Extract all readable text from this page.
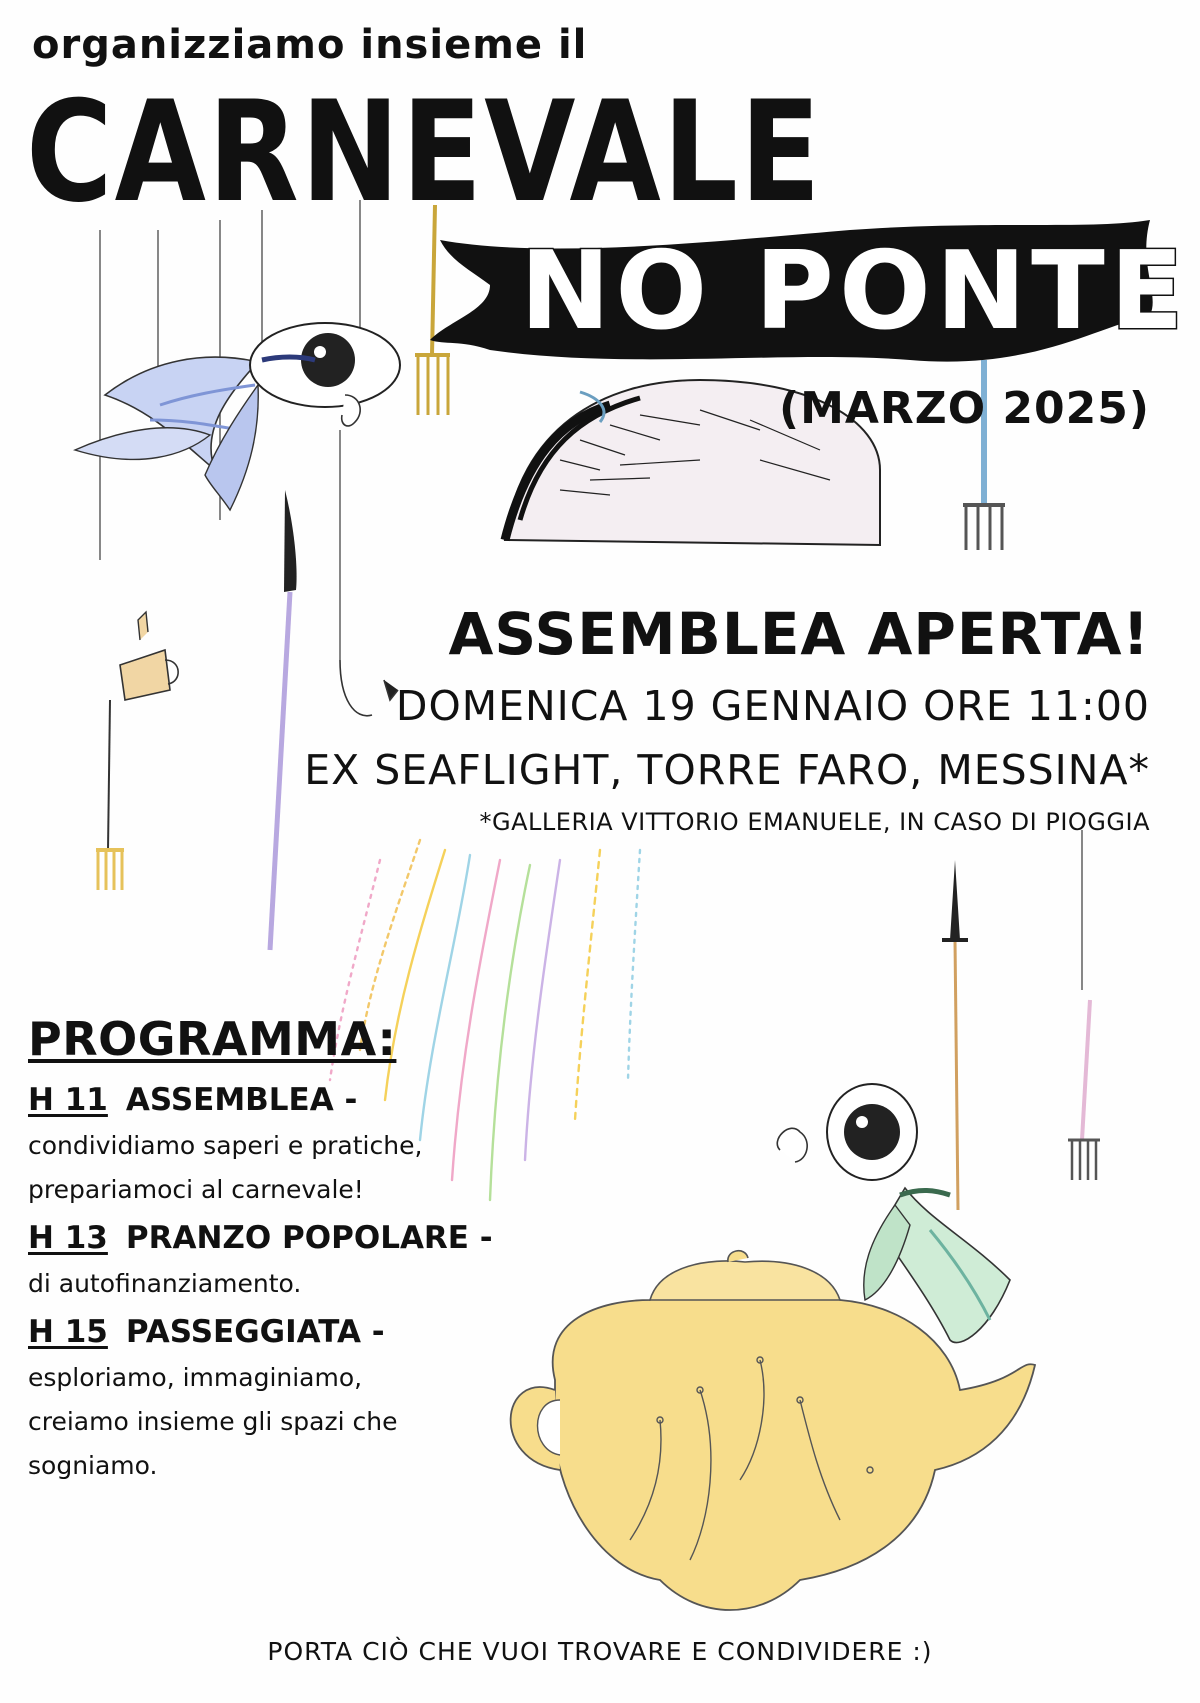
organizziamo insieme il
CARNEVALE
NO PONTE
(MARZO 2025)
ASSEMBLEA APERTA!
DOMENICA 19 GENNAIO ORE 11:00
EX SEAFLIGHT, TORRE FARO, MESSINA*
*GALLERIA VITTORIO EMANUELE, IN CASO DI PIOGGIA
PROGRAMMA:
H 11 ASSEMBLEA -
condividiamo saperi e pratiche,
prepariamoci al carnevale!
H 13 PRANZO POPOLARE -
di autofinanziamento.
H 15 PASSEGGIATA -
esploriamo, immaginiamo,
creiamo insieme gli spazi che
sogniamo.
PORTA CIÒ CHE VUOI TROVARE E CONDIVIDERE :)
